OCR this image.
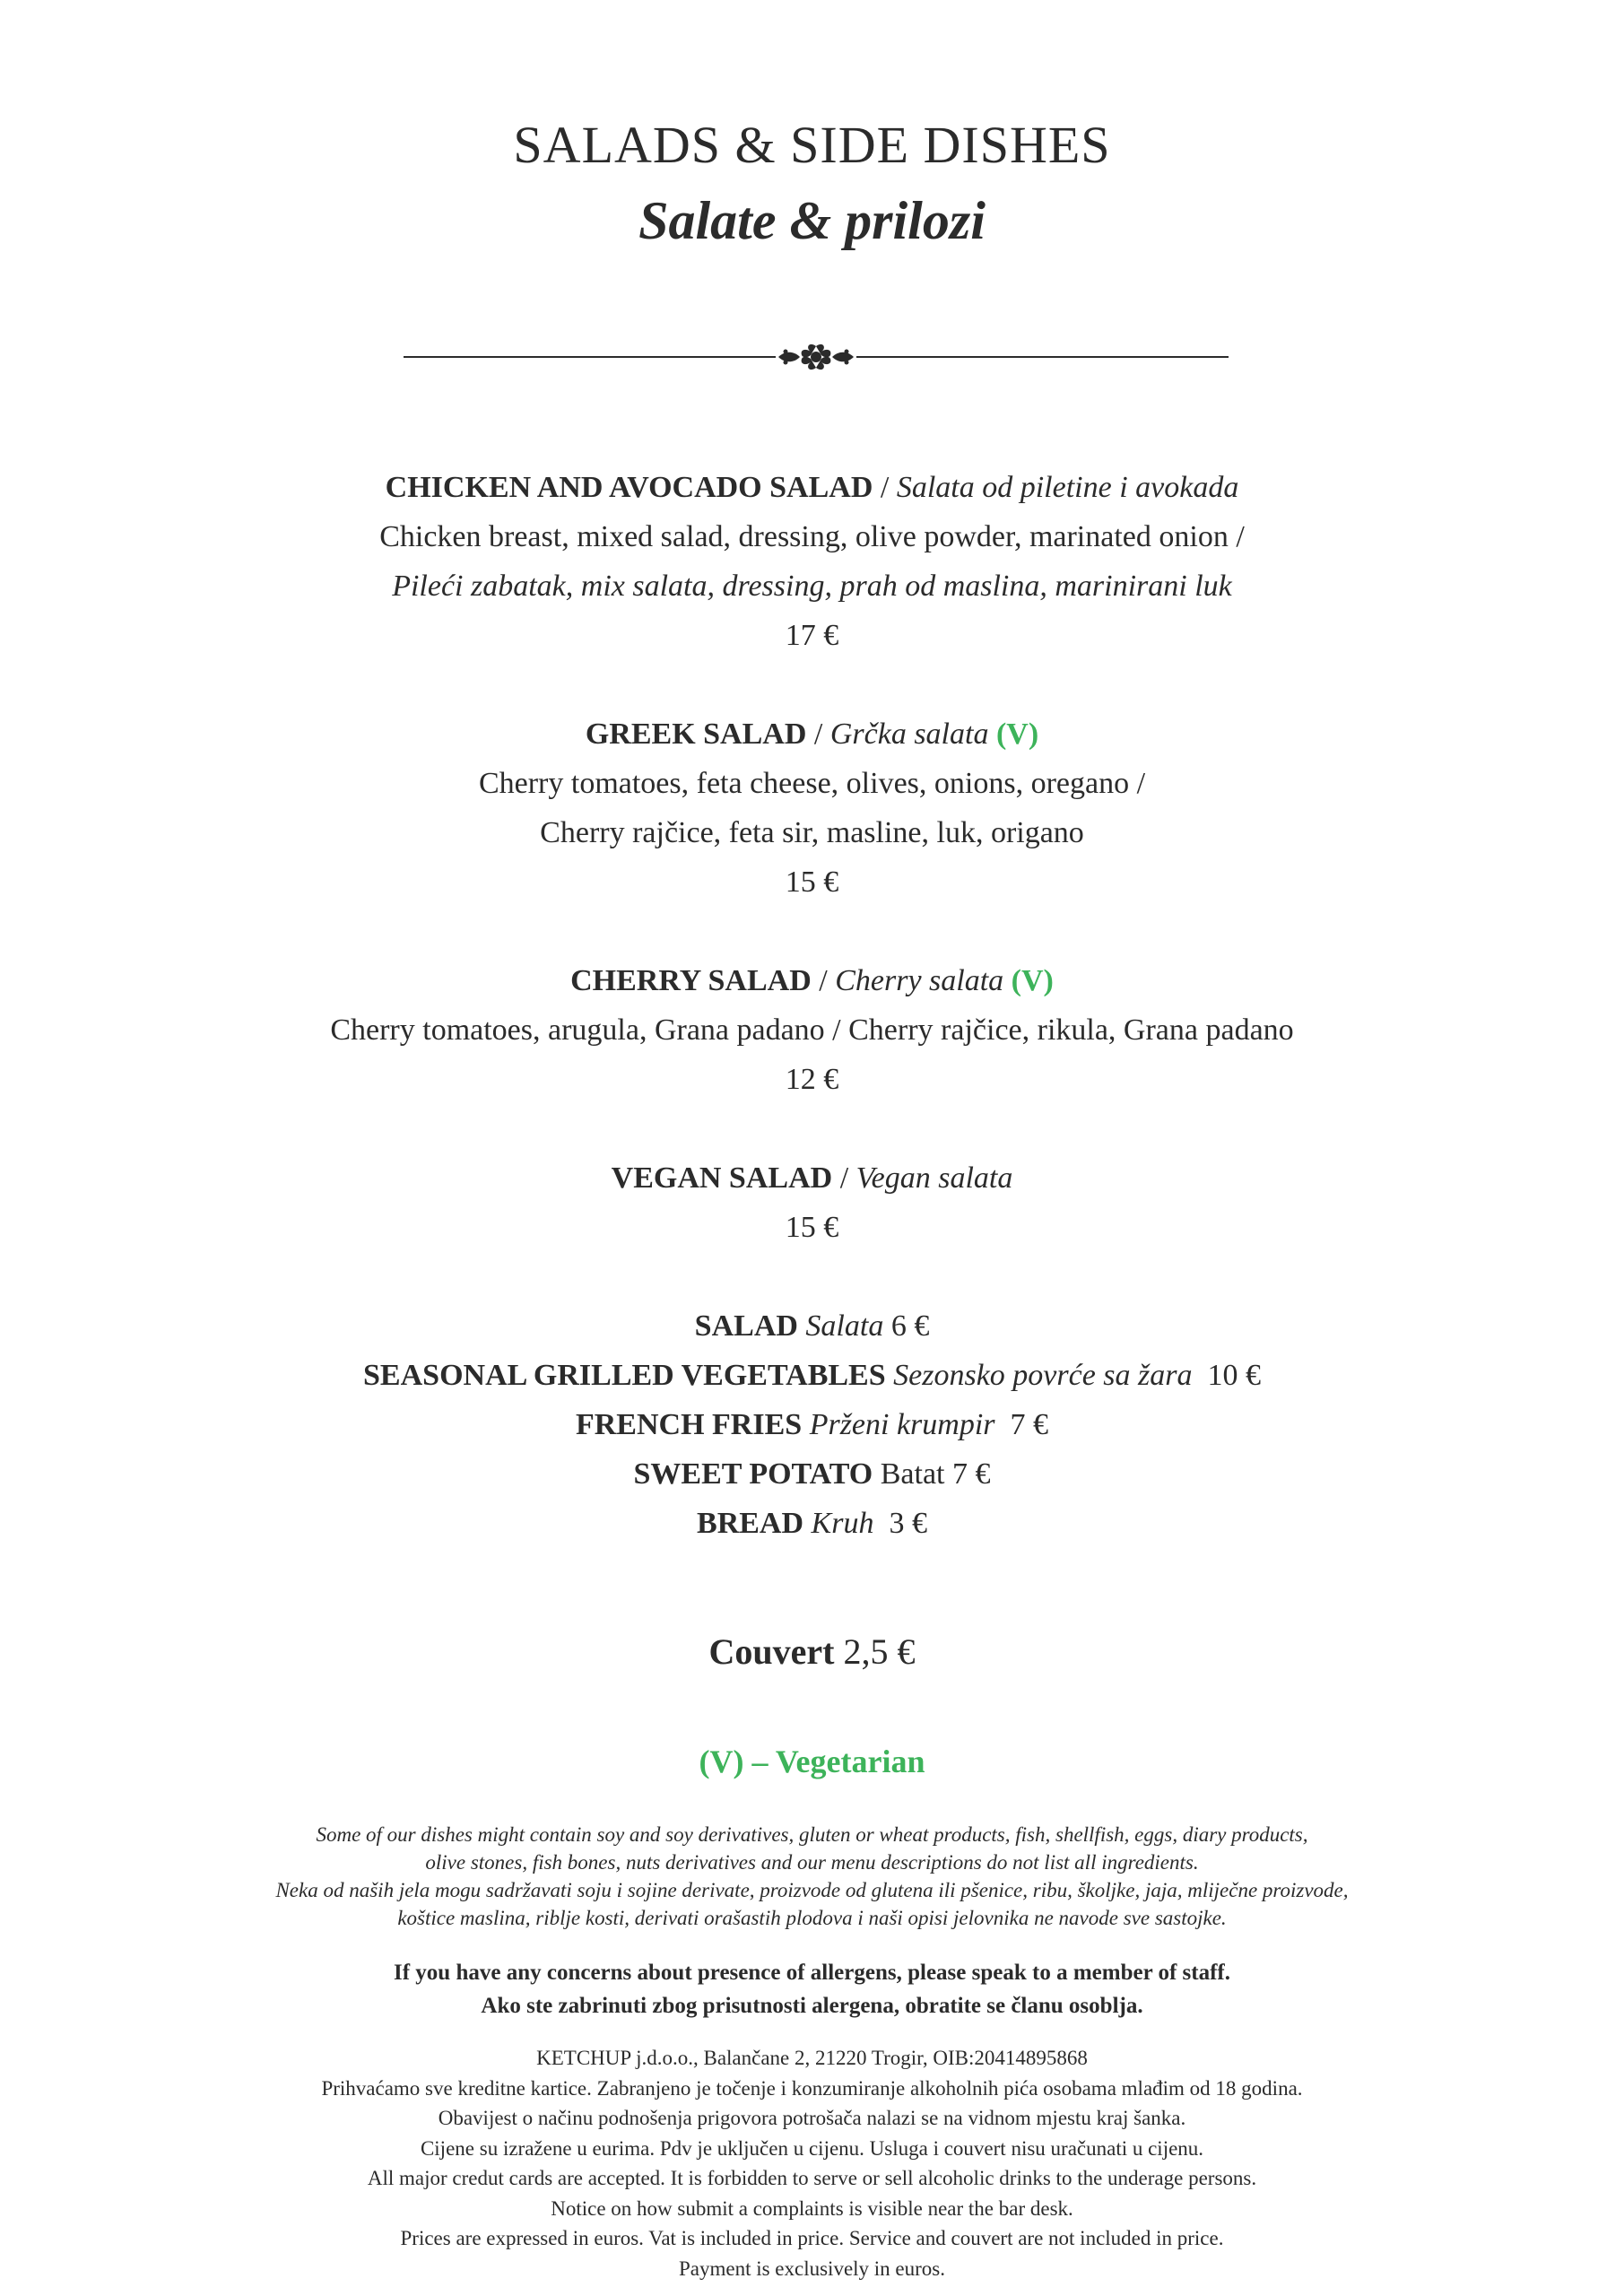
SALADS & SIDE DISHES
Salate & prilozi

CHICKEN AND AVOCADO SALAD / Salata od piletine i avokada

Chicken breast, mixed salad, dressing, olive powder, marinated onion /

Pileći zabatak, mix salata, dressing, prah od maslina, marinirani luk

17 €

GREEK SALAD / Grčka salata (V)

Cherry tomatoes, feta cheese, olives, onions, oregano /

Cherry rajčice, feta sir, masline, luk, origano

15 €

CHERRY SALAD / Cherry salata (V)

Cherry tomatoes, arugula, Grana padano / Cherry rajčice, rikula, Grana padano

12 €

VEGAN SALAD / Vegan salata

15 €

SALAD Salata 6 €

SEASONAL GRILLED VEGETABLES Sezonsko povrće sa žara 10 €

FRENCH FRIES Prženi krumpir 7 €

SWEET POTATO Batat 7 €

BREAD Kruh 3 €

Couvert 2,5 €
(V) – Vegetarian

Some of our dishes might contain soy and soy derivatives, gluten or wheat products, fish, shellfish, eggs, diary products,

olive stones, fish bones, nuts derivatives and our menu descriptions do not list all ingredients.

Neka od naših jela mogu sadržavati soju i sojine derivate, proizvode od glutena ili pšenice, ribu, školjke, jaja, mliječne proizvode,

koštice maslina, riblje kosti, derivati orašastih plodova i naši opisi jelovnika ne navode sve sastojke.

If you have any concerns about presence of allergens, please speak to a member of staff.

Ako ste zabrinuti zbog prisutnosti alergena, obratite se članu osoblja.

KETCHUP j.d.o.o., Balančane 2, 21220 Trogir, OIB:20414895868

Prihvaćamo sve kreditne kartice. Zabranjeno je točenje i konzumiranje alkoholnih pića osobama mlađim od 18 godina.

Obavijest o načinu podnošenja prigovora potrošača nalazi se na vidnom mjestu kraj šanka.

Cijene su izražene u eurima. Pdv je uključen u cijenu. Usluga i couvert nisu uračunati u cijenu.

All major credut cards are accepted. It is forbidden to serve or sell alcoholic drinks to the underage persons.

Notice on how submit a complaints is visible near the bar desk.

Prices are expressed in euros. Vat is included in price. Service and couvert are not included in price.

Payment is exclusively in euros.
